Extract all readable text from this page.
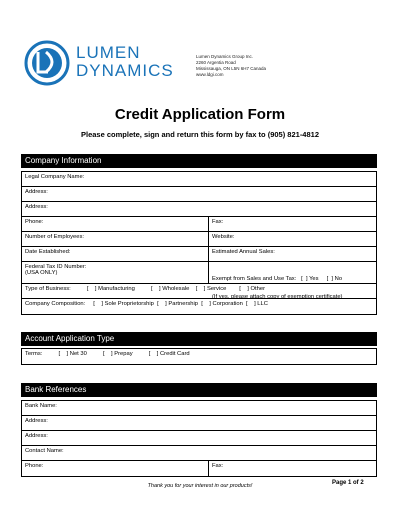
LUMEN
DYNAMICS
Lumen Dynamics Group Inc.
2260 Argentia Road
Mississauga, ON L5N 6H7 Canada
www.ldgi.com
Credit Application Form
Please complete, sign and return this form by fax to (905) 821-4812
Company Information
Legal Company Name:
Address:
Address:
Phone:	Fax:
Number of Employees:	Website:
Date Established:	Estimated Annual Sales:
Federal Tax ID Number:
(USA ONLY)

Exempt from Sales and Use Tax:   [  ] Yes     [  ] No

(If yes, please attach copy of exemption certificate)

Type of Business:          [    ] Manufacturing          [    ] Wholesale    [    ] Service        [    ] Other
Company Composition:     [    ] Sole Proprietorship  [    ] Partnership  [    ] Corporation  [    ] LLC
Account Application Type
Terms:          [    ] Net 30          [    ] Prepay          [    ] Credit Card
Bank References
Bank Name:
Address:
Address:
Contact Name:
Phone:	Fax:
Thank you for your interest in our products!	Page 1 of 2
